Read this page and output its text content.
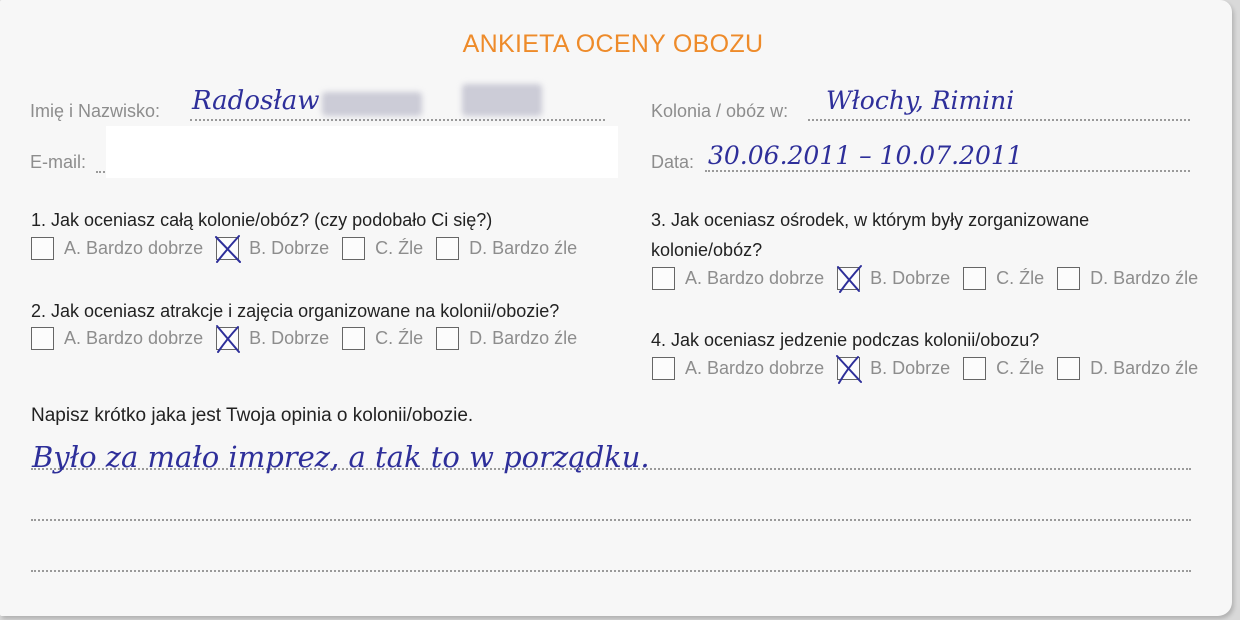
ANKIETA OCENY OBOZU
Imię i Nazwisko: Radosław
E-mail:
Kolonia / obóz w: Włochy, Rimini
Data: 30.06.2011 – 10.07.2011
1. Jak oceniasz całą kolonie/obóz? (czy podobało Ci się?)
A. Bardzo dobrze	B. Dobrze	C. Źle	D. Bardzo źle
2. Jak oceniasz atrakcje i zajęcia organizowane na kolonii/obozie?
A. Bardzo dobrze	B. Dobrze	C. Źle	D. Bardzo źle
3. Jak oceniasz ośrodek, w którym były zorganizowane
kolonie/obóz?
A. Bardzo dobrze	B. Dobrze	C. Źle	D. Bardzo źle
4. Jak oceniasz jedzenie podczas kolonii/obozu?
A. Bardzo dobrze	B. Dobrze	C. Źle	D. Bardzo źle
Napisz krótko jaka jest Twoja opinia o kolonii/obozie.
Było za mało imprez, a tak to w porządku.
